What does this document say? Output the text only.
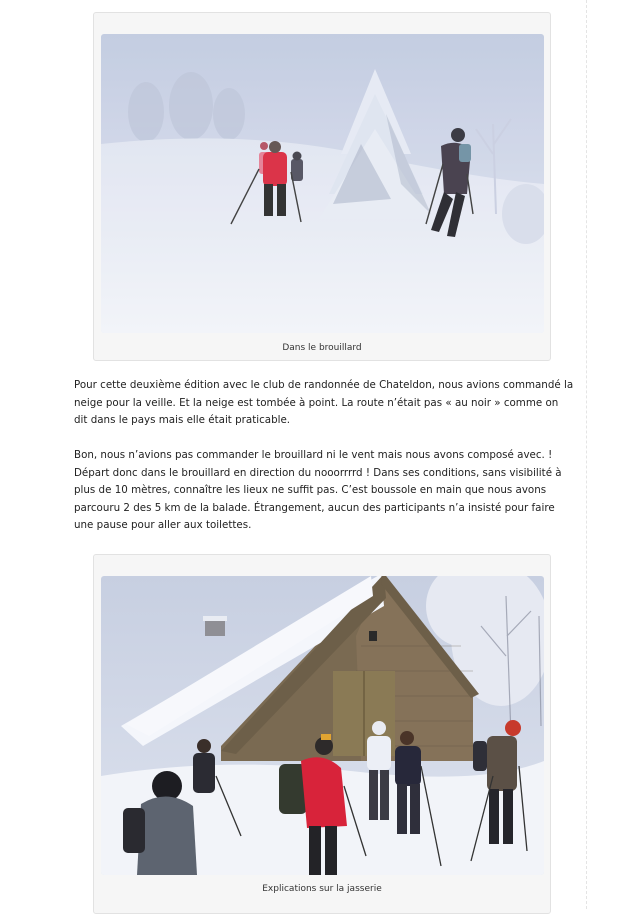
Dans le brouillard

Pour cette deuxième édition avec le club de randonnée de Chateldon, nous avions commandé la neige pour la veille. Et la neige est tombée à point. La route n’était pas « au noir » comme on dit dans le pays mais elle était praticable.

Bon, nous n’avions pas commander le brouillard ni le vent mais nous avons composé avec. ! Départ donc dans le brouillard en direction du nooorrrrd ! Dans ses conditions, sans visibilité à plus de 10 mètres, connaître les lieux ne suffit pas. C’est boussole en main que nous avons parcouru 2 des 5 km de la balade. Étrangement, aucun des participants n’a insisté pour faire une pause pour aller aux toilettes.

Explications sur la jasserie
